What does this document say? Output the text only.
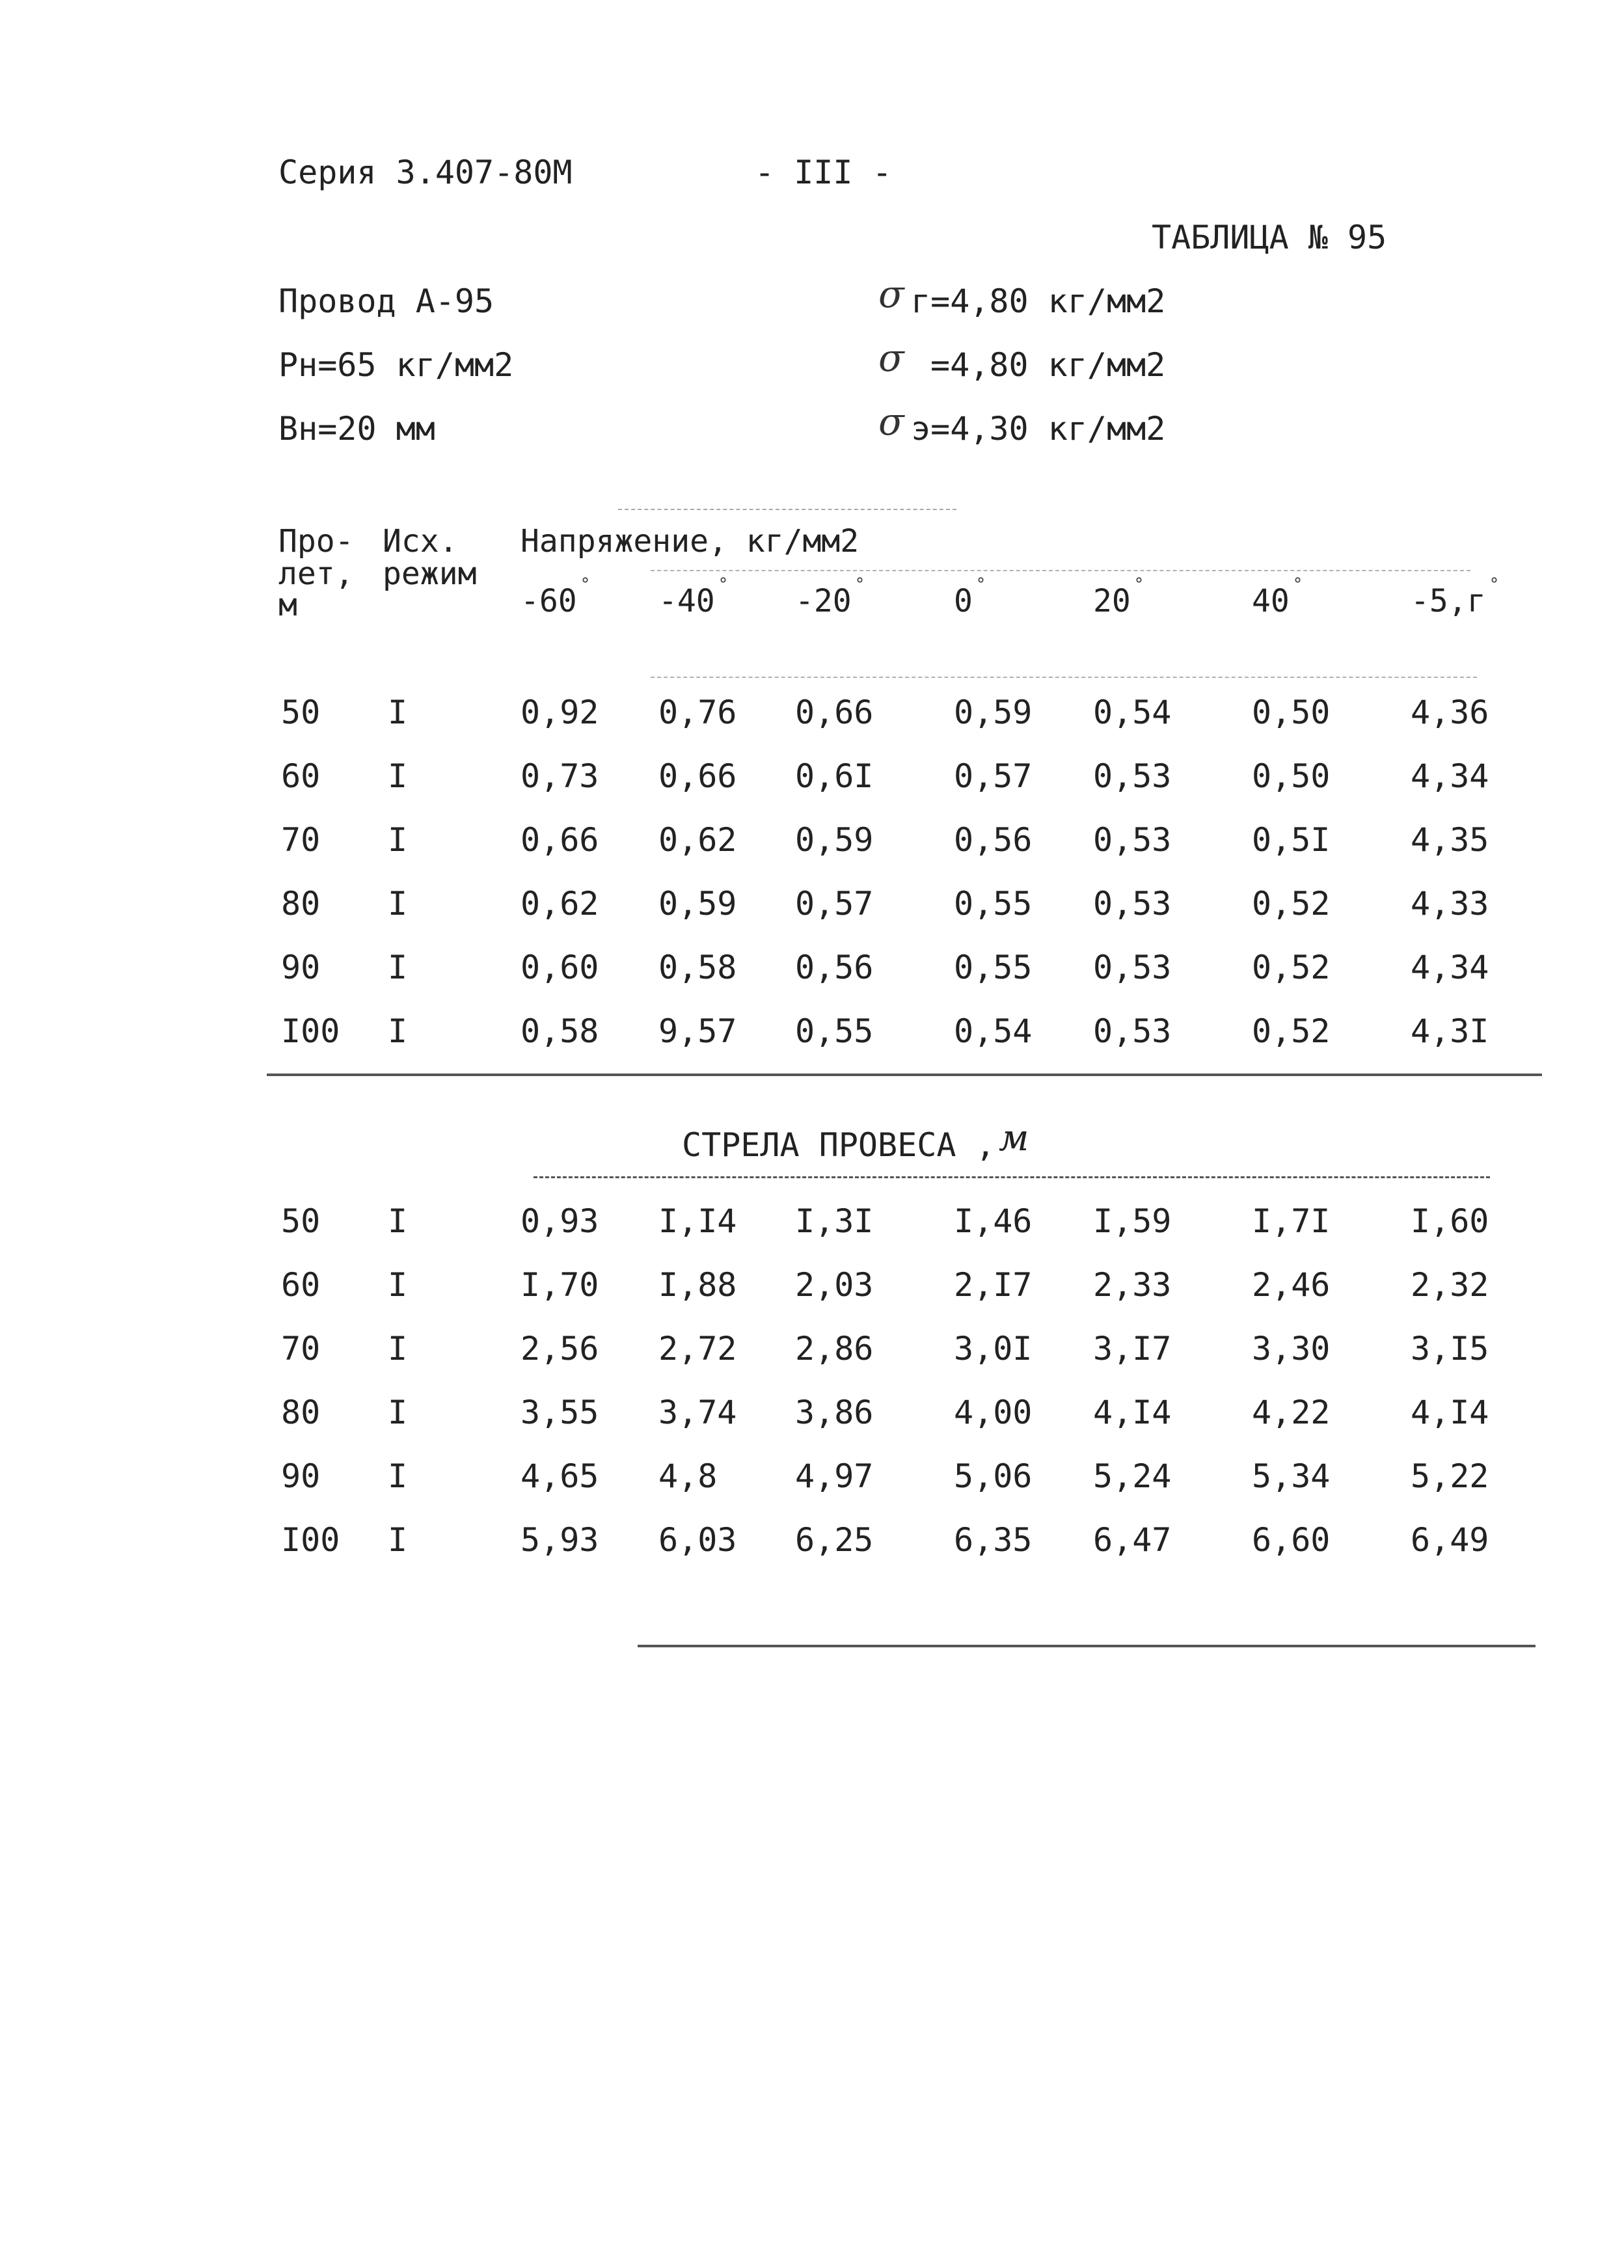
Серия 3.407-80М	- III -
ТАБЛИЦА № 95
Провод А-95
Рн=65 кг/мм2
Вн=20 мм
σ г=4,80 кг/мм2
σ =4,80 кг/мм2
σ э=4,30 кг/мм2
Про-
лет,
м
Исх.
режим
Напряжение, кг/мм2
-60 ° -40 ° -20 °	0 °	20 °	40 °	-5,г °
50 I	0,92 0,76 0,66 0,59 0,54 0,50 4,36
60 I	0,73 0,66 0,6I 0,57 0,53 0,50 4,34
70 I	0,66 0,62 0,59 0,56 0,53 0,5I 4,35
80 I	0,62 0,59 0,57 0,55 0,53 0,52 4,33
90 I	0,60 0,58 0,56 0,55 0,53 0,52 4,34
I00 I	0,58 9,57 0,55 0,54 0,53 0,52 4,3I
СТРЕЛА ПРОВЕСА , м
50 I	0,93 I,I4 I,3I I,46 I,59 I,7I I,60
60 I	I,70 I,88 2,03 2,I7 2,33 2,46 2,32
70 I	2,56 2,72 2,86 3,0I 3,I7 3,30 3,I5
80 I	3,55 3,74 3,86 4,00 4,I4 4,22 4,I4
90 I	4,65 4,8 4,97 5,06 5,24 5,34 5,22
I00 I	5,93 6,03 6,25 6,35 6,47 6,60 6,49
